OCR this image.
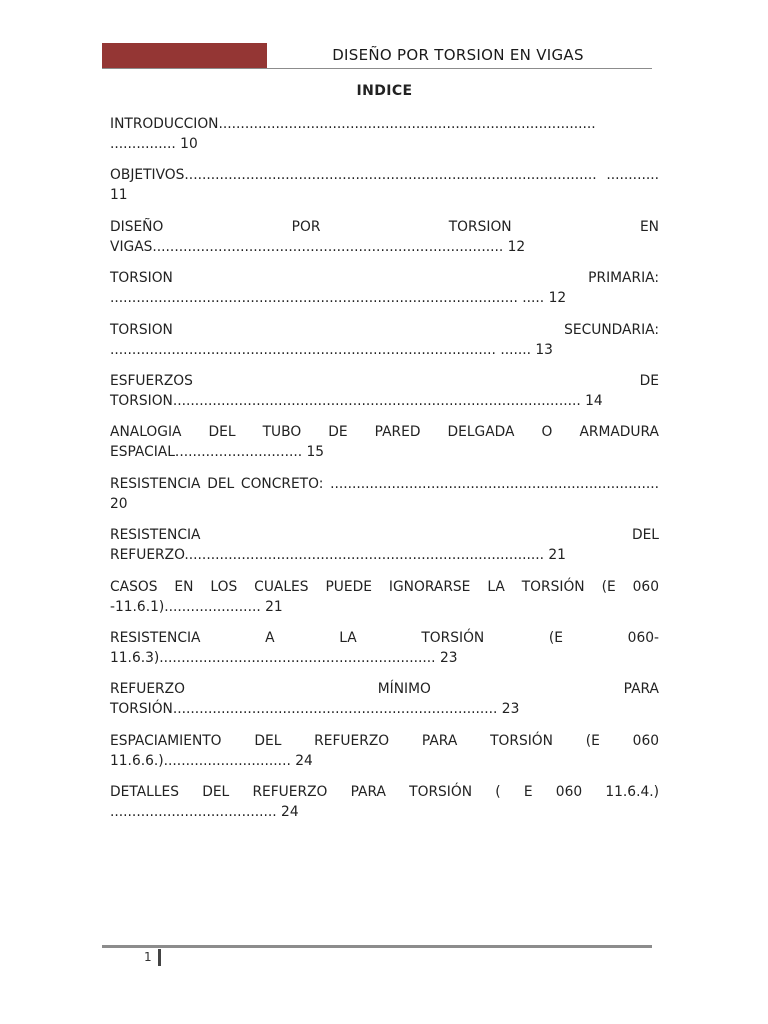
DISEÑO POR TORSION EN VIGAS
INDICE

INTRODUCCION...................................................................................... ............... 10

OBJETIVOS.............................................................................................. ............ 11

DISEÑO POR TORSION EN VIGAS................................................................................ 12

TORSION PRIMARIA: ............................................................................................. ..... 12

TORSION SECUNDARIA: ........................................................................................ ....... 13

ESFUERZOS DE TORSION............................................................................................. 14

ANALOGIA DEL TUBO DE PARED DELGADA O ARMADURA ESPACIAL............................. 15

RESISTENCIA DEL CONCRETO: ........................................................................... 20

RESISTENCIA DEL REFUERZO.................................................................................. 21

CASOS EN LOS CUALES PUEDE IGNORARSE LA TORSIÓN (E 060 -11.6.1)...................... 21

RESISTENCIA A LA TORSIÓN (E 060-11.6.3)............................................................... 23

REFUERZO MÍNIMO PARA TORSIÓN.......................................................................... 23

ESPACIAMIENTO DEL REFUERZO PARA TORSIÓN (E 060 11.6.6.)............................. 24

DETALLES DEL REFUERZO PARA TORSIÓN ( E 060 11.6.4.) ...................................... 24

1
